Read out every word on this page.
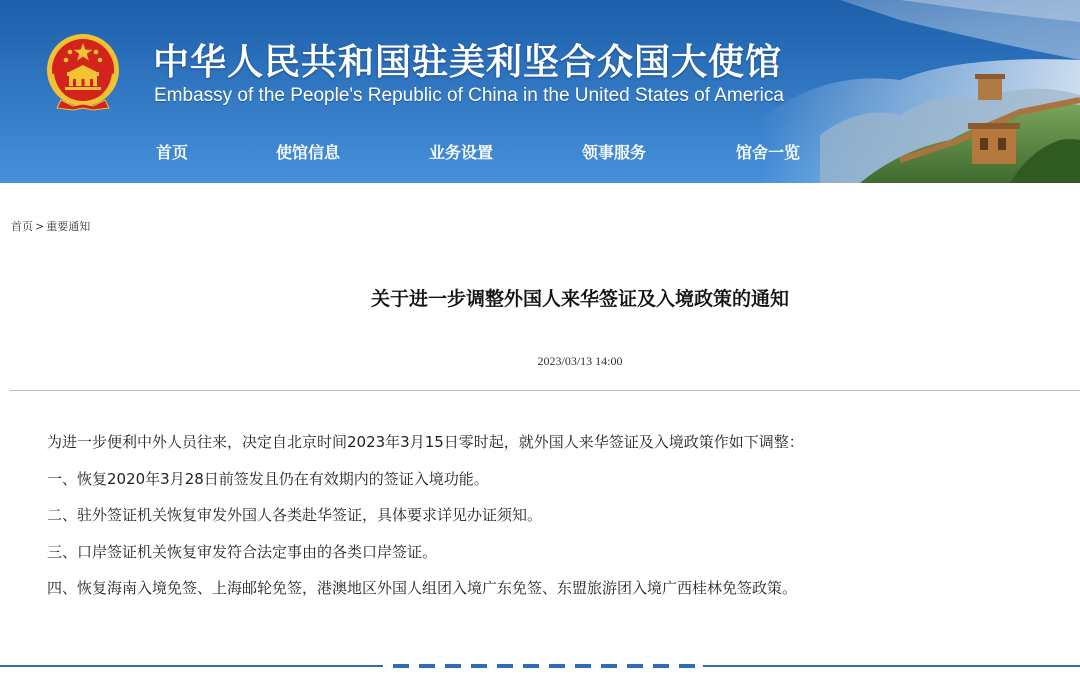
中华人民共和国驻美利坚合众国大使馆
Embassy of the People's Republic of China in the United States of America
首页	使馆信息	业务设置	领事服务	馆舍一览
首页 > 重要通知
关于进一步调整外国人来华签证及入境政策的通知
2023/03/13 14:00

为进一步便利中外人员往来，决定自北京时间2023年3月15日零时起，就外国人来华签证及入境政策作如下调整：

一、恢复2020年3月28日前签发且仍在有效期内的签证入境功能。

二、驻外签证机关恢复审发外国人各类赴华签证，具体要求详见办证须知。

三、口岸签证机关恢复审发符合法定事由的各类口岸签证。

四、恢复海南入境免签、上海邮轮免签，港澳地区外国人组团入境广东免签、东盟旅游团入境广西桂林免签政策。
